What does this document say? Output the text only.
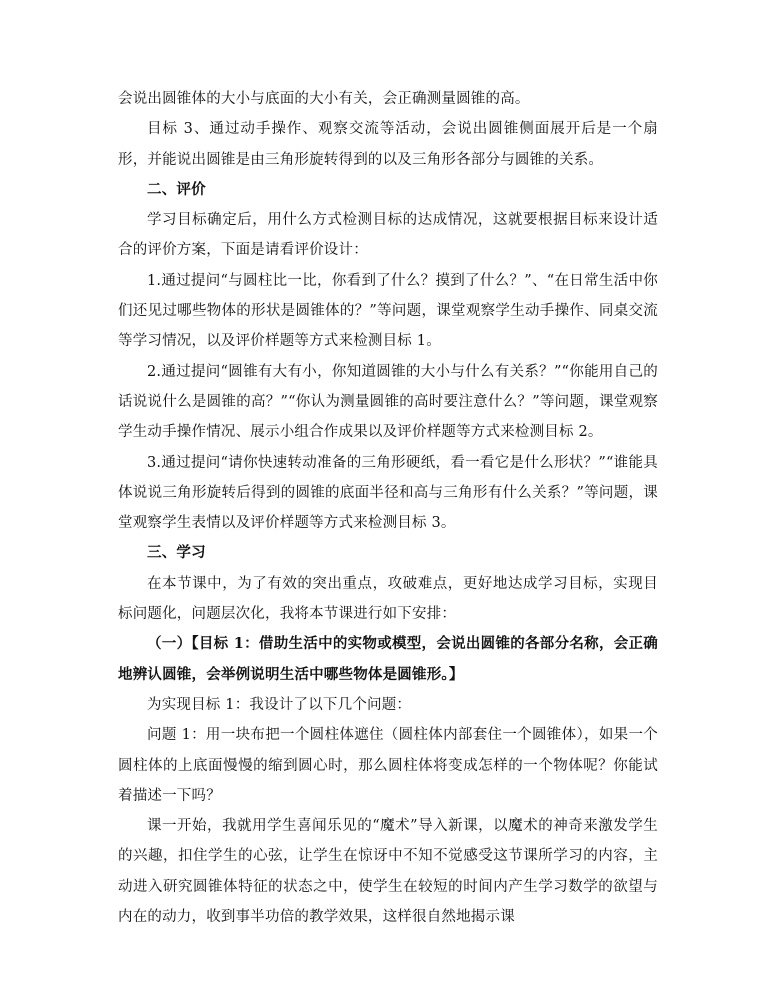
会说出圆锥体的大小与底面的大小有关，会正确测量圆锥的高。

目标 3、通过动手操作、观察交流等活动，会说出圆锥侧面展开后是一个扇形，并能说出圆锥是由三角形旋转得到的以及三角形各部分与圆锥的关系。

二、评价

学习目标确定后，用什么方式检测目标的达成情况，这就要根据目标来设计适合的评价方案，下面是请看评价设计：

1.通过提问“与圆柱比一比，你看到了什么？摸到了什么？”、“在日常生活中你们还见过哪些物体的形状是圆锥体的？”等问题，课堂观察学生动手操作、同桌交流等学习情况，以及评价样题等方式来检测目标 1。

2.通过提问“圆锥有大有小，你知道圆锥的大小与什么有关系？”“你能用自己的话说说什么是圆锥的高？”“你认为测量圆锥的高时要注意什么？”等问题，课堂观察学生动手操作情况、展示小组合作成果以及评价样题等方式来检测目标 2。

3.通过提问“请你快速转动准备的三角形硬纸，看一看它是什么形状？”“谁能具体说说三角形旋转后得到的圆锥的底面半径和高与三角形有什么关系？”等问题，课堂观察学生表情以及评价样题等方式来检测目标 3。

三、学习

在本节课中，为了有效的突出重点，攻破难点，更好地达成学习目标，实现目标问题化，问题层次化，我将本节课进行如下安排：

（一）【目标 1：借助生活中的实物或模型，会说出圆锥的各部分名称，会正确地辨认圆锥，会举例说明生活中哪些物体是圆锥形。】

为实现目标 1：我设计了以下几个问题：

问题 1：用一块布把一个圆柱体遮住（圆柱体内部套住一个圆锥体），如果一个圆柱体的上底面慢慢的缩到圆心时，那么圆柱体将变成怎样的一个物体呢？你能试着描述一下吗？

课一开始，我就用学生喜闻乐见的“魔术”导入新课，以魔术的神奇来激发学生的兴趣，扣住学生的心弦，让学生在惊讶中不知不觉感受这节课所学习的内容，主动进入研究圆锥体特征的状态之中，使学生在较短的时间内产生学习数学的欲望与内在的动力，收到事半功倍的教学效果，这样很自然地揭示课
